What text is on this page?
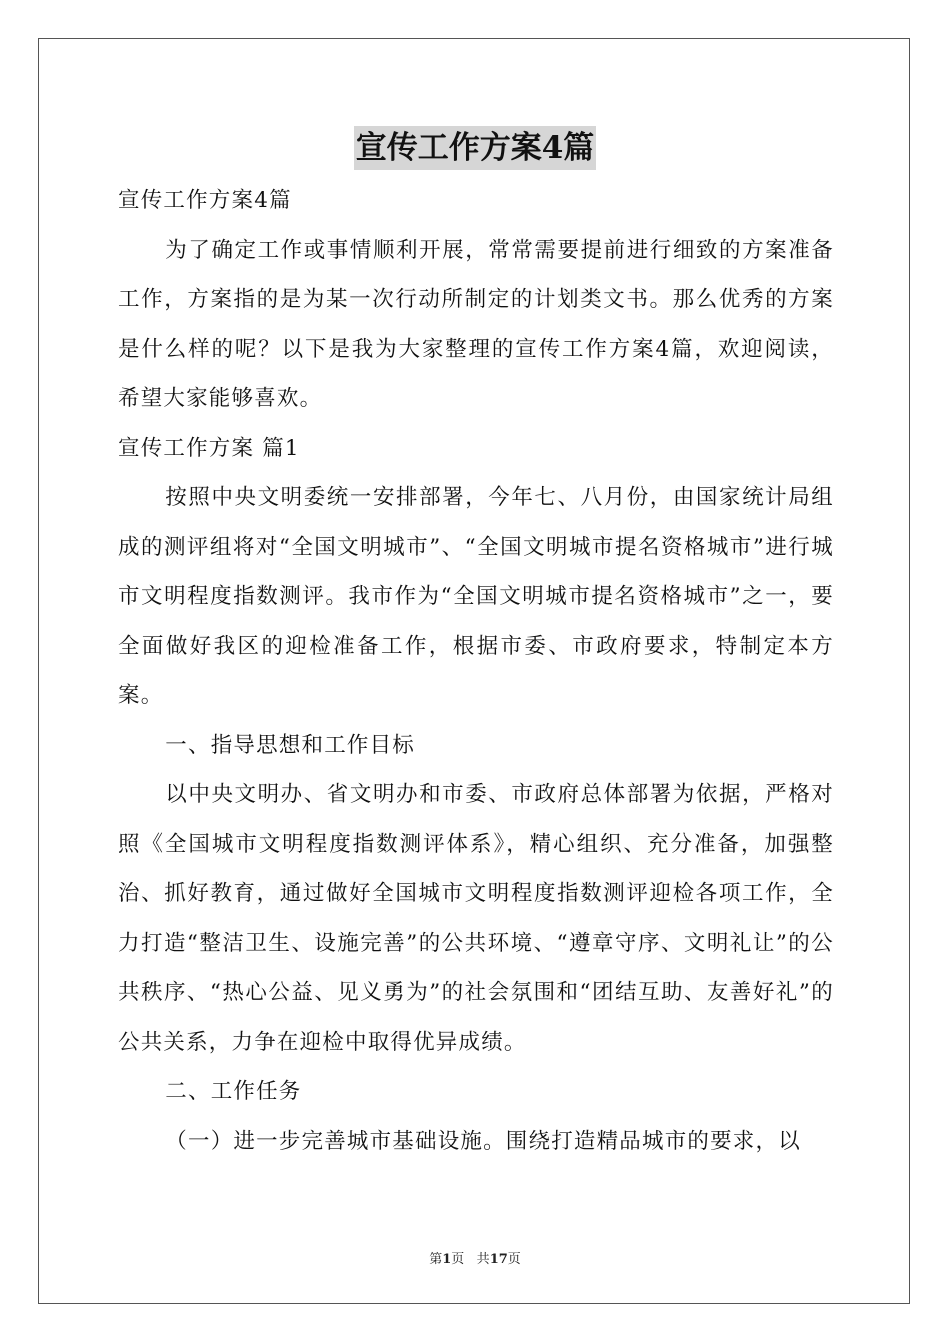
宣传工作方案4篇

宣传工作方案4篇

为了确定工作或事情顺利开展，常常需要提前进行细致的方案准备工作，方案指的是为某一次行动所制定的计划类文书。那么优秀的方案是什么样的呢？以下是我为大家整理的宣传工作方案4篇，欢迎阅读，希望大家能够喜欢。

宣传工作方案 篇1

按照中央文明委统一安排部署，今年七、八月份，由国家统计局组成的测评组将对“全国文明城市”、“全国文明城市提名资格城市”进行城市文明程度指数测评。我市作为“全国文明城市提名资格城市”之一，要全面做好我区的迎检准备工作，根据市委、市政府要求，特制定本方案。

一、指导思想和工作目标

以中央文明办、省文明办和市委、市政府总体部署为依据，严格对照《全国城市文明程度指数测评体系》，精心组织、充分准备，加强整治、抓好教育，通过做好全国城市文明程度指数测评迎检各项工作，全力打造“整洁卫生、设施完善”的公共环境、“遵章守序、文明礼让”的公共秩序、“热心公益、见义勇为”的社会氛围和“团结互助、友善好礼”的公共关系，力争在迎检中取得优异成绩。

二、工作任务

（一）进一步完善城市基础设施。围绕打造精品城市的要求，以

第1页 共17页
